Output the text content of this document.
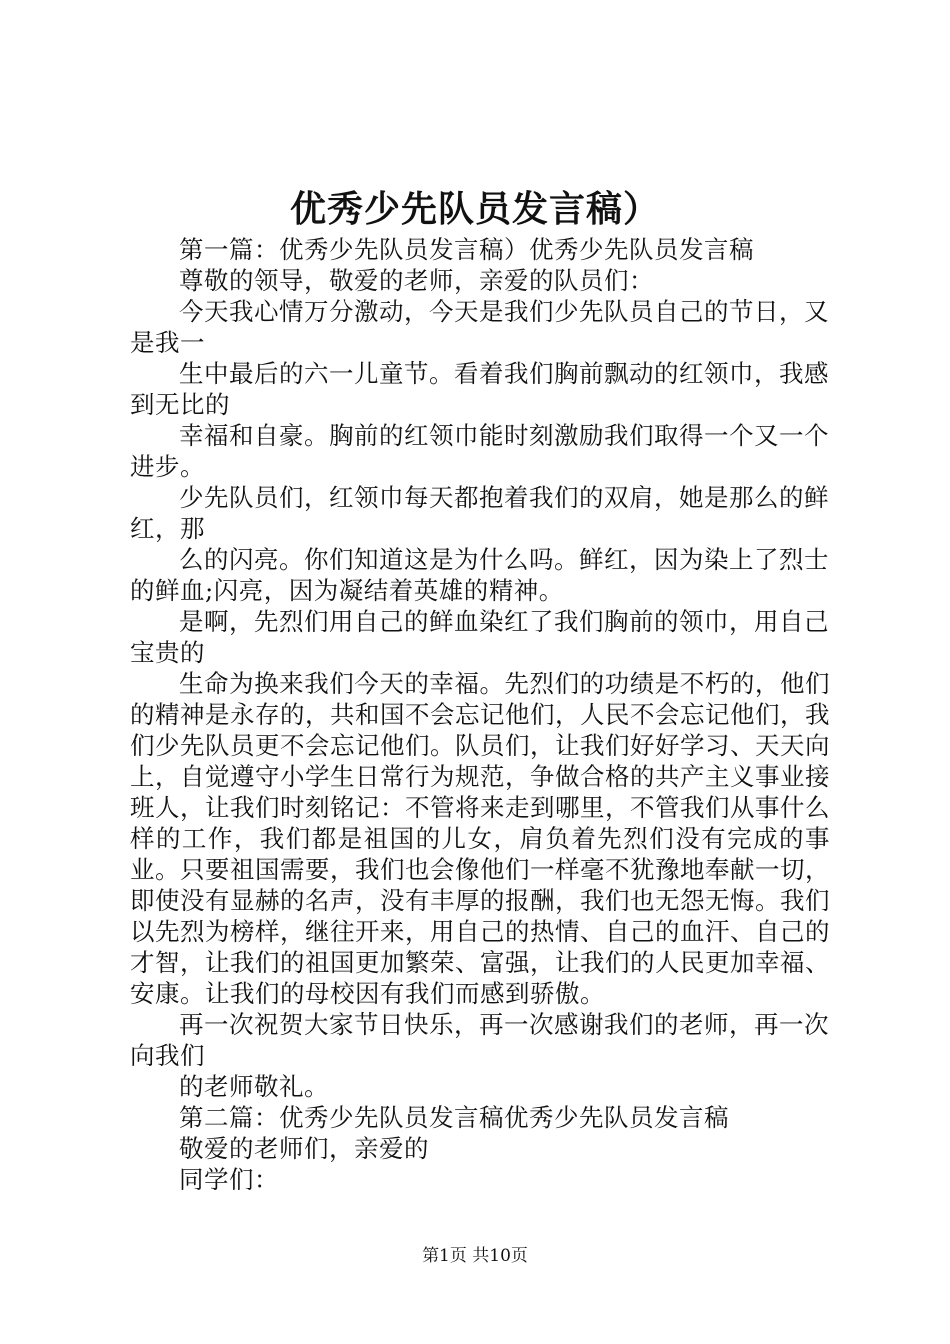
优秀少先队员发言稿）

第一篇：优秀少先队员发言稿）优秀少先队员发言稿

尊敬的领导，敬爱的老师，亲爱的队员们：

今天我心情万分激动，今天是我们少先队员自己的节日，又是我一

生中最后的六一儿童节。看着我们胸前飘动的红领巾，我感到无比的

幸福和自豪。胸前的红领巾能时刻激励我们取得一个又一个进步。

少先队员们，红领巾每天都抱着我们的双肩，她是那么的鲜红，那

么的闪亮。你们知道这是为什么吗。鲜红，因为染上了烈士的鲜血;闪亮，因为凝结着英雄的精神。

是啊，先烈们用自己的鲜血染红了我们胸前的领巾，用自己宝贵的

生命为换来我们今天的幸福。先烈们的功绩是不朽的，他们的精神是永存的，共和国不会忘记他们，人民不会忘记他们，我们少先队员更不会忘记他们。队员们，让我们好好学习、天天向上，自觉遵守小学生日常行为规范，争做合格的共产主义事业接班人，让我们时刻铭记：不管将来走到哪里，不管我们从事什么样的工作，我们都是祖国的儿女，肩负着先烈们没有完成的事业。只要祖国需要，我们也会像他们一样毫不犹豫地奉献一切，即使没有显赫的名声，没有丰厚的报酬，我们也无怨无悔。我们以先烈为榜样，继往开来，用自己的热情、自己的血汗、自己的才智，让我们的祖国更加繁荣、富强，让我们的人民更加幸福、安康。让我们的母校因有我们而感到骄傲。

再一次祝贺大家节日快乐，再一次感谢我们的老师，再一次向我们

的老师敬礼。

第二篇：优秀少先队员发言稿优秀少先队员发言稿

敬爱的老师们，亲爱的

同学们：

第1页 共10页
